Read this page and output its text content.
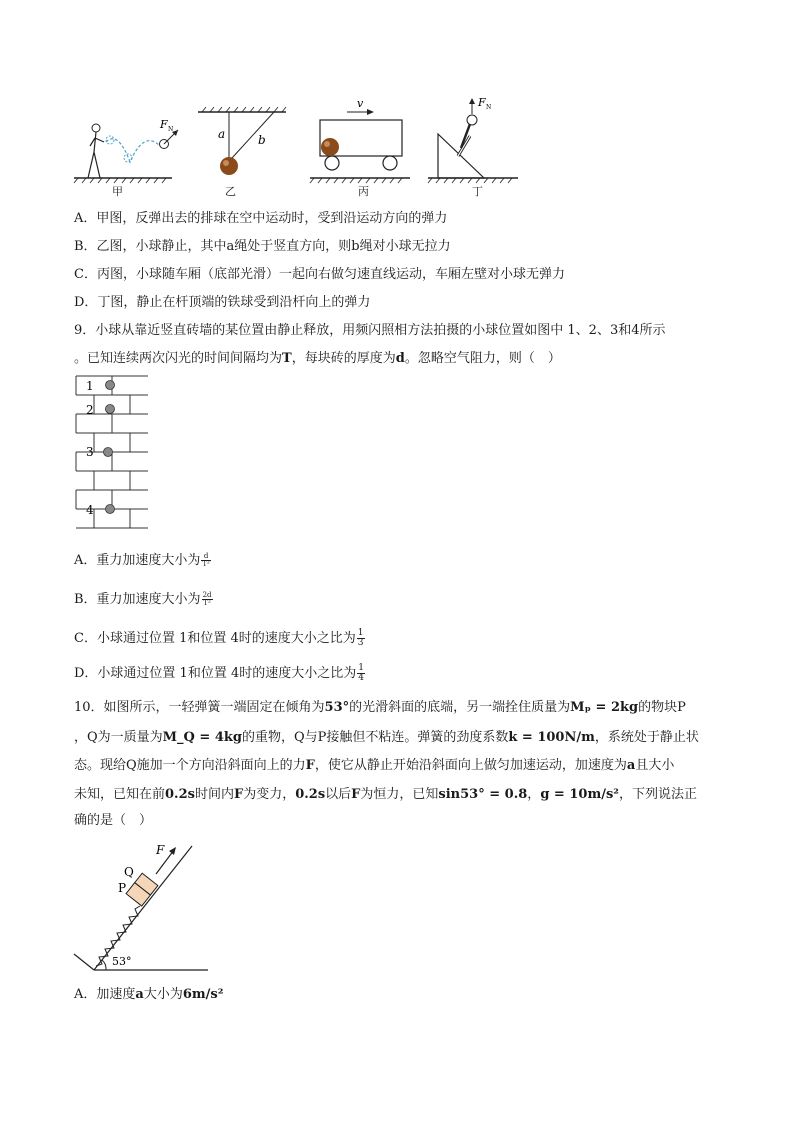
F N	a	b
v	F N
甲	乙	丙	丁
A．甲图，反弹出去的排球在空中运动时，受到沿运动方向的弹力
B．乙图，小球静止，其中a绳处于竖直方向，则b绳对小球无拉力
C．丙图，小球随车厢（底部光滑）一起向右做匀速直线运动，车厢左壁对小球无弹力
D．丁图，静止在杆顶端的铁球受到沿杆向上的弹力
9．小球从靠近竖直砖墙的某位置由静止释放，用频闪照相方法拍摄的小球位置如图中 1、2、3和4所示
。已知连续两次闪光的时间间隔均为T，每块砖的厚度为d。忽略空气阻力，则（　）
1
2
3
4
A．重力加速度大小为 $\frac{d}{\text{T²}}$
B．重力加速度大小为 $\frac{2d}{\text{T²}}$
C．小球通过位置 1和位置 4时的速度大小之比为 $\frac{1}{3}$
D．小球通过位置 1和位置 4时的速度大小之比为 $\frac{1}{4}$
10．如图所示，一轻弹簧一端固定在倾角为53°的光滑斜面的底端，另一端拴住质量为Mₚ = 2kg的物块P
，Q为一质量为M_Q = 4kg的重物，Q与P接触但不粘连。弹簧的劲度系数k = 100N/m，系统处于静止状
态。现给Q施加一个方向沿斜面向上的力F，使它从静止开始沿斜面向上做匀加速运动，加速度为a且大小
未知，已知在前0.2s时间内F为变力，0.2s以后F为恒力，已知sin53° = 0.8，g = 10m/s²，下列说法正
确的是（　）
F
Q
P
53°
A．加速度a大小为6m/s²
